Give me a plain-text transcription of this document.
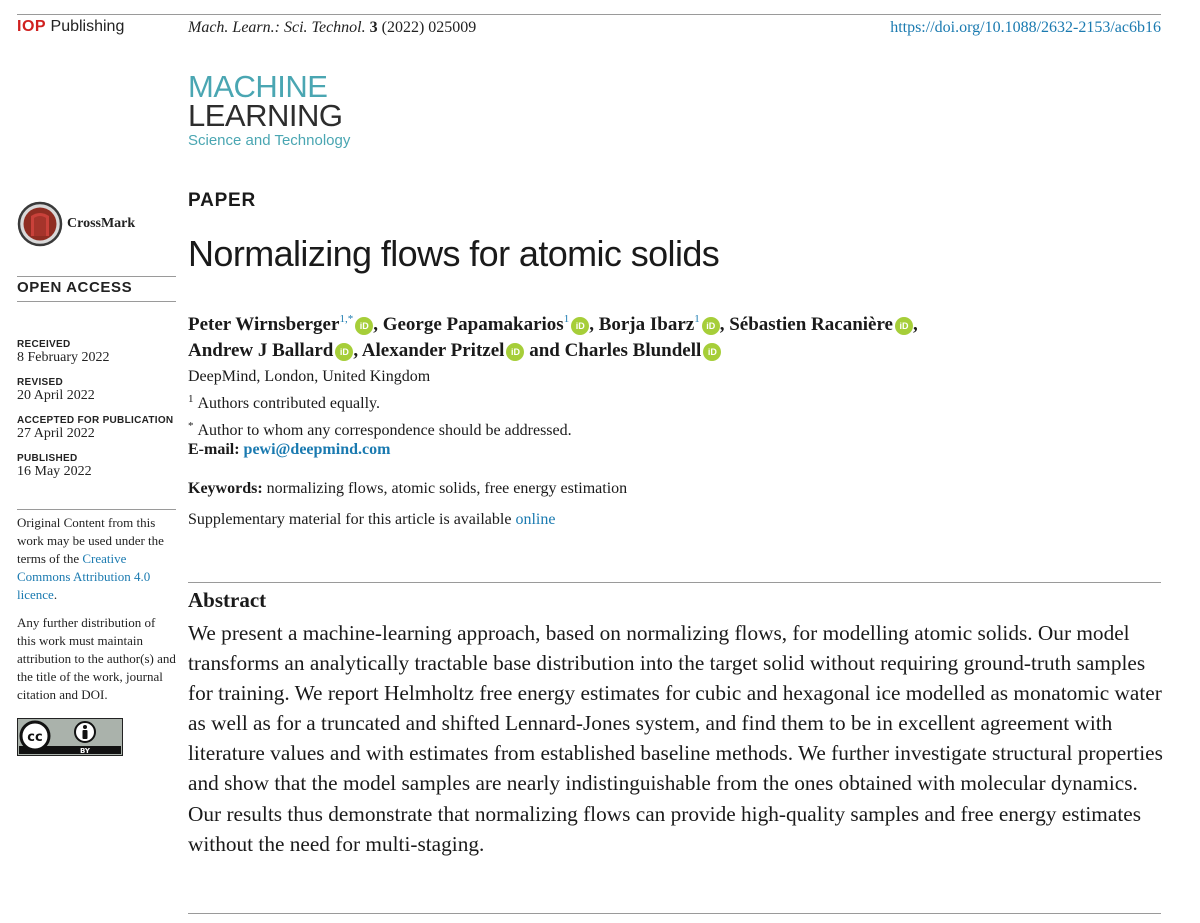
IOP Publishing	Mach. Learn.: Sci. Technol. 3 (2022) 025009	https://doi.org/10.1088/2632-2153/ac6b16
MACHINE
LEARNING
Science and Technology
CrossMark
OPEN ACCESS
RECEIVED
8 February 2022
REVISED
20 April 2022
ACCEPTED FOR PUBLICATION
27 April 2022
PUBLISHED
16 May 2022
Original Content from this work may be used under the terms of the Creative Commons Attribution 4.0 licence.
Any further distribution of this work must maintain attribution to the author(s) and the title of the work, journal citation and DOI.
cc
BY
PAPER
Normalizing flows for atomic solids
Peter Wirnsberger$^{1,*}$iD , George Papamakarios$^1$iD , Borja Ibarz$^1$iD , Sébastien Racanière iD ,
Andrew J Ballard iD , Alexander Pritzel iD and Charles Blundell iD
DeepMind, London, United Kingdom
$^1$ Authors contributed equally.
* Author to whom any correspondence should be addressed.
E-mail: pewi@deepmind.com
Keywords: normalizing flows, atomic solids, free energy estimation
Supplementary material for this article is available online
Abstract
We present a machine-learning approach, based on normalizing flows, for modelling atomic solids. Our model transforms an analytically tractable base distribution into the target solid without requiring ground-truth samples for training. We report Helmholtz free energy estimates for cubic and hexagonal ice modelled as monatomic water as well as for a truncated and shifted Lennard-Jones system, and find them to be in excellent agreement with literature values and with estimates from established baseline methods. We further investigate structural properties and show that the model samples are nearly indistinguishable from the ones obtained with molecular dynamics. Our results thus demonstrate that normalizing flows can provide high-quality samples and free energy estimates without the need for multi-staging.
